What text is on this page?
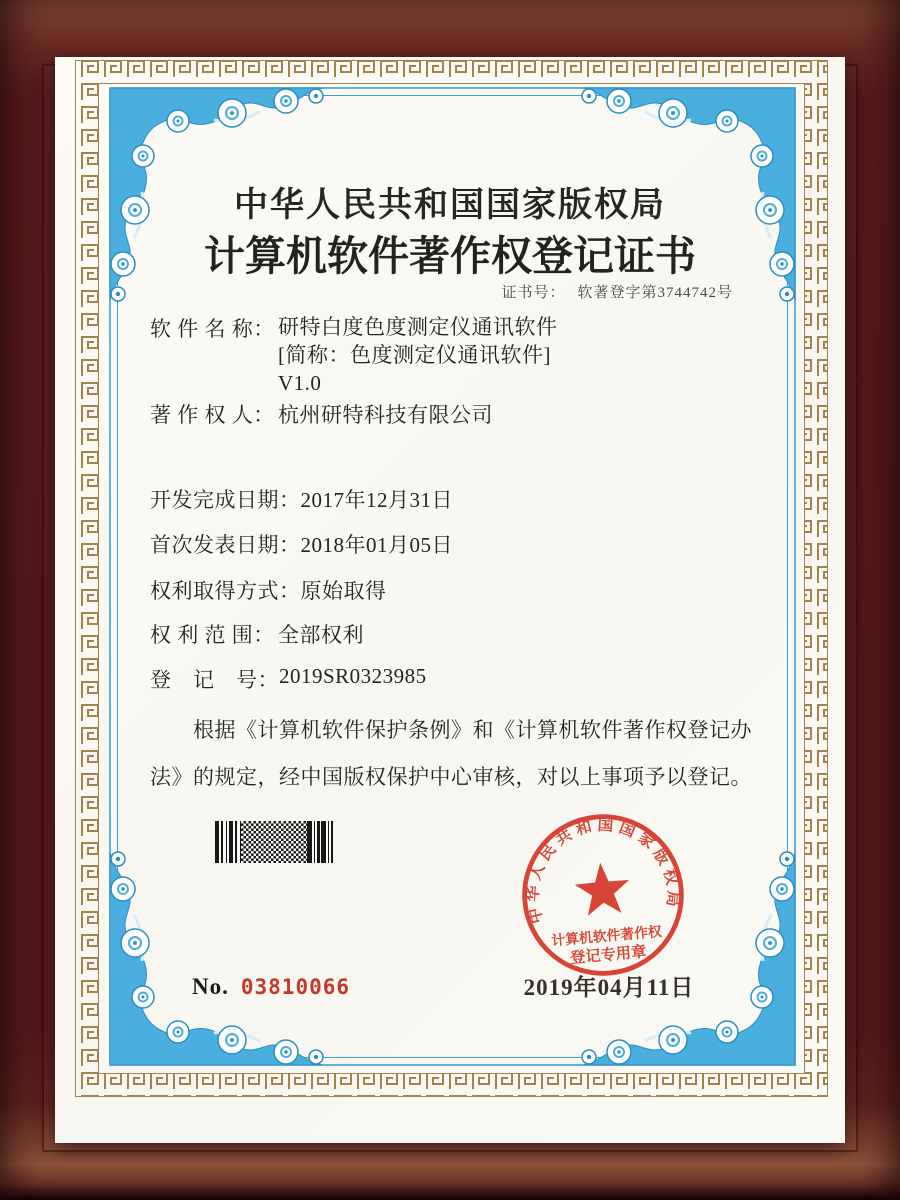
中华人民共和国国家版权局
计算机软件著作权登记证书
证书号： 软著登字第3744742号
软 件 名 称： 研特白度色度测定仪通讯软件
[简称：色度测定仪通讯软件]
V1.0
著 作 权 人： 杭州研特科技有限公司
开发完成日期： 2017年12月31日
首次发表日期： 2018年01月05日
权利取得方式： 原始取得
权 利 范 围： 全部权利
登　记　号： 2019SR0323985
根据《计算机软件保护条例》和《计算机软件著作权登记办法》的规定，经中国版权保护中心审核，对以上事项予以登记。
2019年04月11日
No. 03810066
中华人民共和国国家版权局
计算机软件著作权
登记专用章
